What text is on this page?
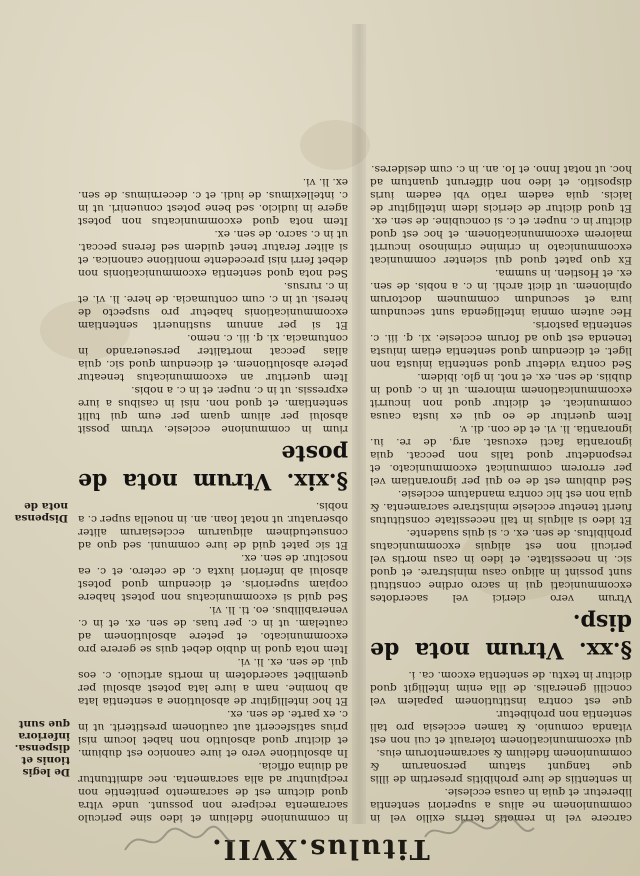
Titulus.XVII.

carcere vel in remotis terris exilio vel in communionem ne alius a superiori sententia liberetur. et quia in causa ecclesie.

in sententiis de iure prohibitis presertim de illis que tangunt statum personarum & communionem fidelium & sacramentorum eius.

qui excommunicationem tolerauit et cui non est vitanda comunio. & tamen ecclesia pro tali sententia non prohibetur.

que est contra institutionem papalem vel concilii generalis. de illa enim intelligit quod dicitur in textu. de sententia excom. ca. i.

§.xx. Vtrum nota de disp.

Vtrum vero clerici vel sacerdotes excommunicati qui in sacro ordine constituti sunt possint in aliquo casu ministrare. et quod sic. in necessitate. et ideo in casu mortis vel periculi non est aliquis excommunicatus prohibitus. de sen. ex. c. si quis suadente.

Et ideo si aliquis in tali necessitate constitutus fuerit tenetur ecclesie ministrare sacramenta. & quia non est hic contra mandatum ecclesie.

Sed dubium est de eo qui per ignorantiam vel per errorem communicat excommunicato. et respondetur quod talis non peccat. quia ignorantia facti excusat. arg. de re. iu. ignorantia. li. vi. et de con. di. v.

Item queritur de eo qui ex iusta causa communicat. et dicitur quod non incurrit excommunicationem minorem. ut in c. quod in dubiis. de sen. ex. et not. in glo. ibidem.

Sed contra videtur quod sententia iniusta non liget. et dicendum quod sententia etiam iniusta tenenda est quo ad forum ecclesie. xi. q. iii. c. sententia pastoris.

Hec autem omnia intelligenda sunt secundum iura et secundum communem doctorum opinionem. ut dicit archi. in c. a nobis. de sen. ex. et Hostien. in summa.

Ex quo patet quod qui scienter communicat excommunicato in crimine criminoso incurrit maiorem excommunicationem. et hoc est quod dicitur in c. nuper. et c. si concubine. de sen. ex.

Et quod dicitur de clericis idem intelligitur de laicis. quia eadem ratio vbi eadem iuris dispositio. et ideo non differunt quantum ad hoc. ut notat Inno. et Io. an. in c. cum desideres.

in communione fidelium et ideo sine periculo sacramenta recipere non possunt. unde vltra quod dictum est de sacramento penitentie non recipiuntur ad alia sacramenta. nec admittuntur ad diuina officia.

In absolutione vero et iure canonico est dubium. et dicitur quod absolutio non habet locum nisi prius satisfecerit aut cautionem prestiterit. ut in c. ex parte. de sen. ex.

Et hoc intelligitur de absolutione a sententia lata ab homine. nam a iure lata potest absolui per quemlibet sacerdotem in mortis articulo. c. eos qui. de sen. ex. li. vi.

Item nota quod in dubio debet quis se gerere pro excommunicato. et petere absolutionem ad cautelam. ut in c. per tuas. de sen. ex. et in c. venerabilibus. eo. ti. li. vi.

Sed quid si excommunicatus non potest habere copiam superioris. et dicendum quod potest absolui ab inferiori iuxta c. de cetero. et c. ea noscitur. de sen. ex.

Et sic patet quid de iure communi. sed quo ad consuetudinem aliquarum ecclesiarum aliter obseruatur. ut notat Ioan. an. in nouella super c. a nobis.

§.xix. Vtrum nota de poste

rium in communione ecclesie. vtrum possit absolui per alium quam per eum qui tulit sententiam. et quod non. nisi in casibus a iure expressis. ut in c. nuper. et in c. a nobis.

Item queritur an excommunicatus teneatur petere absolutionem. et dicendum quod sic. quia alias peccat mortaliter perseuerando in contumacia. xi. q. iii. c. nemo.

Et si per annum sustinuerit sententiam excommunicationis habetur pro suspecto de heresi. ut in c. cum contumacia. de here. li. vi. et in c. rursus.

Sed nota quod sententia excommunicationis non debet ferri nisi precedente monitione canonica. et si aliter feratur tenet quidem sed ferens peccat. ut in c. sacro. de sen. ex.

Item nota quod excommunicatus non potest agere in iudicio. sed bene potest conueniri. ut in c. intelleximus. de iudi. et c. decernimus. de sen. ex. li. vi.

De legis tionis et dispensa. inferiora que sunt
Dispensa nota de
